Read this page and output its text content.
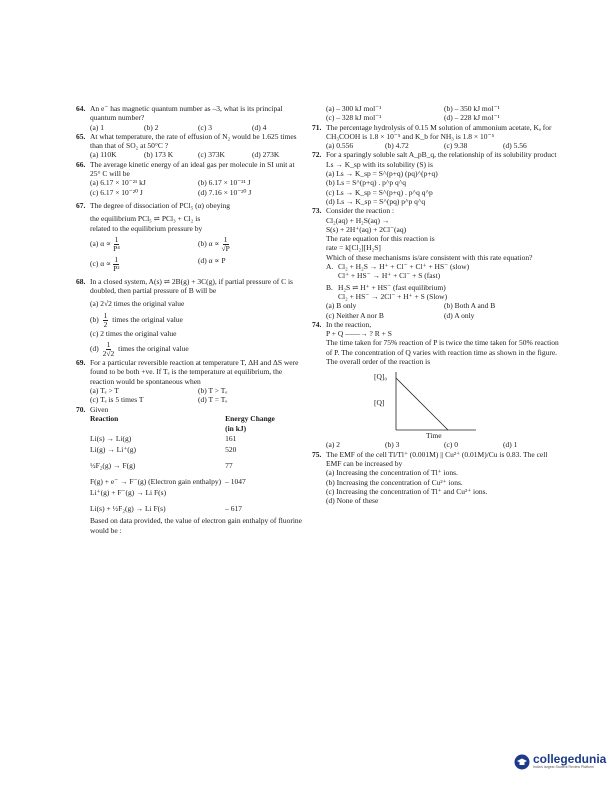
64. An e⁻ has magnetic quantum number as –3, what is its principal quantum number?
(a) 1	(b) 2	(c) 3	(d) 4
65. At what temperature, the rate of effusion of N₂ would be 1.625 times than that of SO₂ at 50°C ?
(a) 110K	(b) 173 K	(c) 373K	(d) 273K
66. The average kinetic energy of an ideal gas per molecule in SI unit at 25° C will be
(a) 6.17 × 10⁻²¹ kJ	(b) 6.17 × 10⁻²¹ J
(c) 6.17 × 10⁻²⁰ J	(d) 7.16 × 10⁻²⁰ J
67. The degree of dissociation of PCl₅ (α) obeying
the equilibrium PCl₅ ⇌ PCl₃ + Cl₂ is
related to the equilibrium pressure by
(a) $\alpha \propto \frac{1}{\text{P⁴}}$	(b) $\alpha \propto \frac{1}{√P}$
(c) $\alpha \propto \frac{1}{\text{P²}}$	(d) α ∝ P
68. In a closed system, A(s) ⇌ 2B(g) + 3C(g), if partial pressure of C is doubled, then partial pressure of B will be
(a) 2√2 times the original value
$(b) \frac{1}{2}$ times the original value
(c) 2 times the original value
$(d) \frac{1}{2√2}$ times the original value
69. For a particular reversible reaction at temperature T, ΔH and ΔS were found to be both +ve. If Tₑ is the temperature at equilibrium, the reaction would be spontaneous when
(a) Tₑ > T	(b) T > Tₑ
(c) Tₑ is 5 times T	(d) T = Tₑ
70. Given
Reaction	Energy Change
	(in kJ)
Li(s) → Li(g)	161
Li(g) → Li⁺(g)	520
½F₂(g) → F(g)	77
F(g) + e⁻ → F⁻(g) (Electron gain enthalpy)	– 1047
Li⁺(g) + F⁻(g) → Li F(s)	
Li(s) + ½F₂(g) → Li F(s)	– 617
Based on data provided, the value of electron gain enthalpy of fluorine would be :
(a) – 300 kJ mol⁻¹	(b) – 350 kJ mol⁻¹
(c) – 328 kJ mol⁻¹	(d) – 228 kJ mol⁻¹
71. The percentage hydrolysis of 0.15 M solution of ammonium acetate, Kₐ for CH₃COOH is 1.8 × 10⁻⁵ and K_b for NH₃ is 1.8 × 10⁻⁵
(a) 0.556	(b) 4.72	(c) 9.38	(d) 5.56
72. For a sparingly soluble salt A_pB_q, the relationship of its solubility product Ls → K_sp with its solubility (S) is
(a) Ls → K_sp = S^(p+q) (pq)^(p+q)
(b) Ls = S^(p+q) . p^p q^q
(c) Ls → K_sp = S^(p+q) . p^q q^p
(d) Ls → K_sp = S^(pq) p^p q^q
73. Consider the reaction :
Cl₂(aq) + H₂S(aq) →
S(s) + 2H⁺(aq) + 2Cl⁻(aq)
The rate equation for this reaction is
rate = k[Cl₂][H₂S]
Which of these mechanisms is/are consistent with this rate equation?
A. Cl₂ + H₂S → H⁺ + Cl⁻ + Cl⁺ + HS⁻ (slow)
Cl⁺ + HS⁻ → H⁺ + Cl⁻ + S (fast)
B. H₂S ⇌ H⁺ + HS⁻ (fast equilibrium)
Cl₂ + HS⁻ → 2Cl⁻ + H⁺ + S (Slow)
(a) B only	(b) Both A and B
(c) Neither A nor B	(d) A only
74. In the reaction,
P + Q ——→ ? R + S
The time taken for 75% reaction of P is twice the time taken for 50% reaction of P. The concentration of Q varies with reaction time as shown in the figure. The overall order of the reaction is
[Q]₀
[Q]
Time
(a) 2	(b) 3	(c) 0	(d) 1
75. The EMF of the cell Tl/Tl⁺ (0.001M) || Cu²⁺ (0.01M)/Cu is 0.83. The cell EMF can be increased by
(a) Increasing the concentration of Tl⁺ ions.
(b) Increasing the concentration of Cu²⁺ ions.
(c) Increasing the concentration of Tl⁺ and Cu²⁺ ions.
(d) None of these
collegedunia
India's largest Student Review Platform
